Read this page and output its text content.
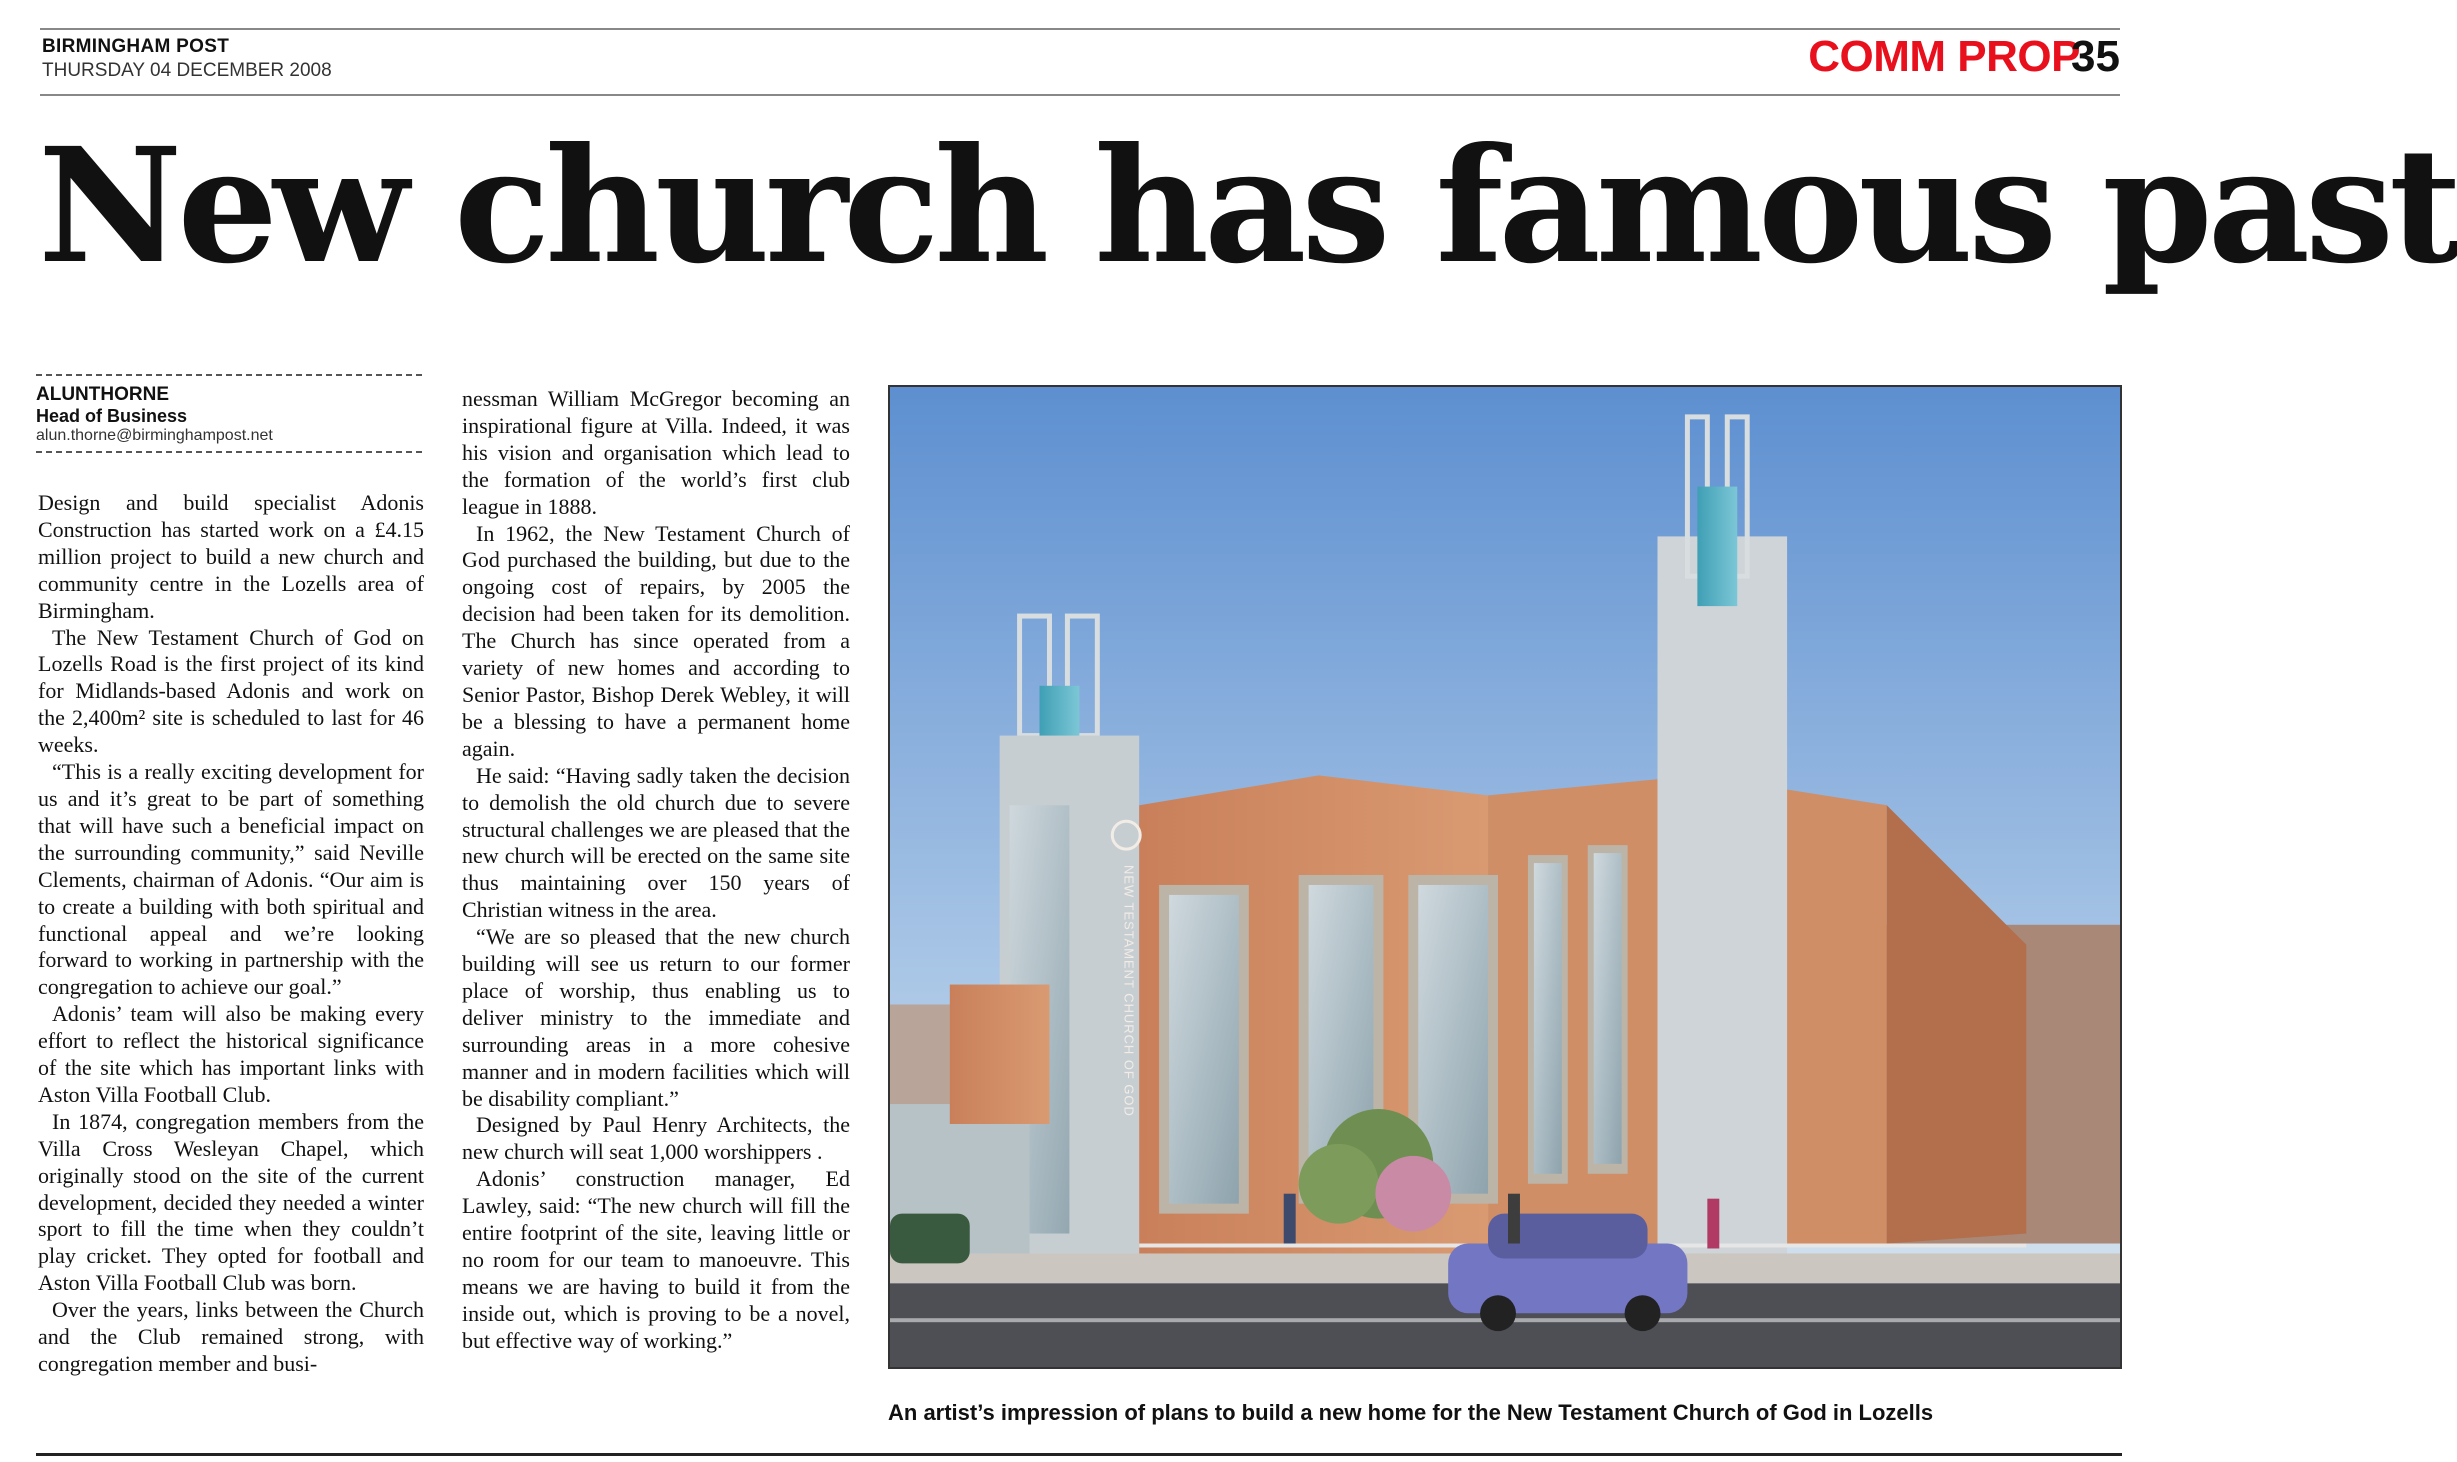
BIRMINGHAM POST
THURSDAY 04 DECEMBER 2008	COMM PROP
35
New church has famous past
ALUNTHORNE
Head of Business
alun.thorne@birminghampost.net

Design and build specialist Adonis Construction has started work on a £4.15 million project to build a new church and community centre in the Lozells area of Birmingham.

The New Testament Church of God on Lozells Road is the first project of its kind for Midlands-based Adonis and work on the 2,400m² site is scheduled to last for 46 weeks.

“This is a really exciting development for us and it’s great to be part of something that will have such a beneficial impact on the surrounding community,” said Neville Clements, chairman of Adonis. “Our aim is to create a building with both spiritual and functional appeal and we’re looking forward to working in partnership with the congregation to achieve our goal.”

Adonis’ team will also be making every effort to reflect the historical significance of the site which has important links with Aston Villa Football Club.

In 1874, congregation members from the Villa Cross Wesleyan Chapel, which originally stood on the site of the current development, decided they needed a winter sport to fill the time when they couldn’t play cricket. They opted for football and Aston Villa Football Club was born.

Over the years, links between the Church and the Club remained strong, with congregation member and busi-

nessman William McGregor becoming an inspirational figure at Villa. Indeed, it was his vision and organisation which lead to the formation of the world’s first club league in 1888.

In 1962, the New Testament Church of God purchased the building, but due to the ongoing cost of repairs, by 2005 the decision had been taken for its demolition. The Church has since operated from a variety of new homes and according to Senior Pastor, Bishop Derek Webley, it will be a blessing to have a permanent home again.

He said: “Having sadly taken the decision to demolish the old church due to severe structural challenges we are pleased that the new church will be erected on the same site thus maintaining over 150 years of Christian witness in the area.

“We are so pleased that the new church building will see us return to our former place of worship, thus enabling us to deliver ministry to the immediate and surrounding areas in a more cohesive manner and in modern facilities which will be disability compliant.”

Designed by Paul Henry Architects, the new church will seat 1,000 worshippers .

Adonis’ construction manager, Ed Lawley, said: “The new church will fill the entire footprint of the site, leaving little or no room for our team to manoeuvre. This means we are having to build it from the inside out, which is proving to be a novel, but effective way of working.”

NEW TESTAMENT CHURCH OF GOD
An artist’s impression of plans to build a new home for the New Testament Church of God in Lozells
